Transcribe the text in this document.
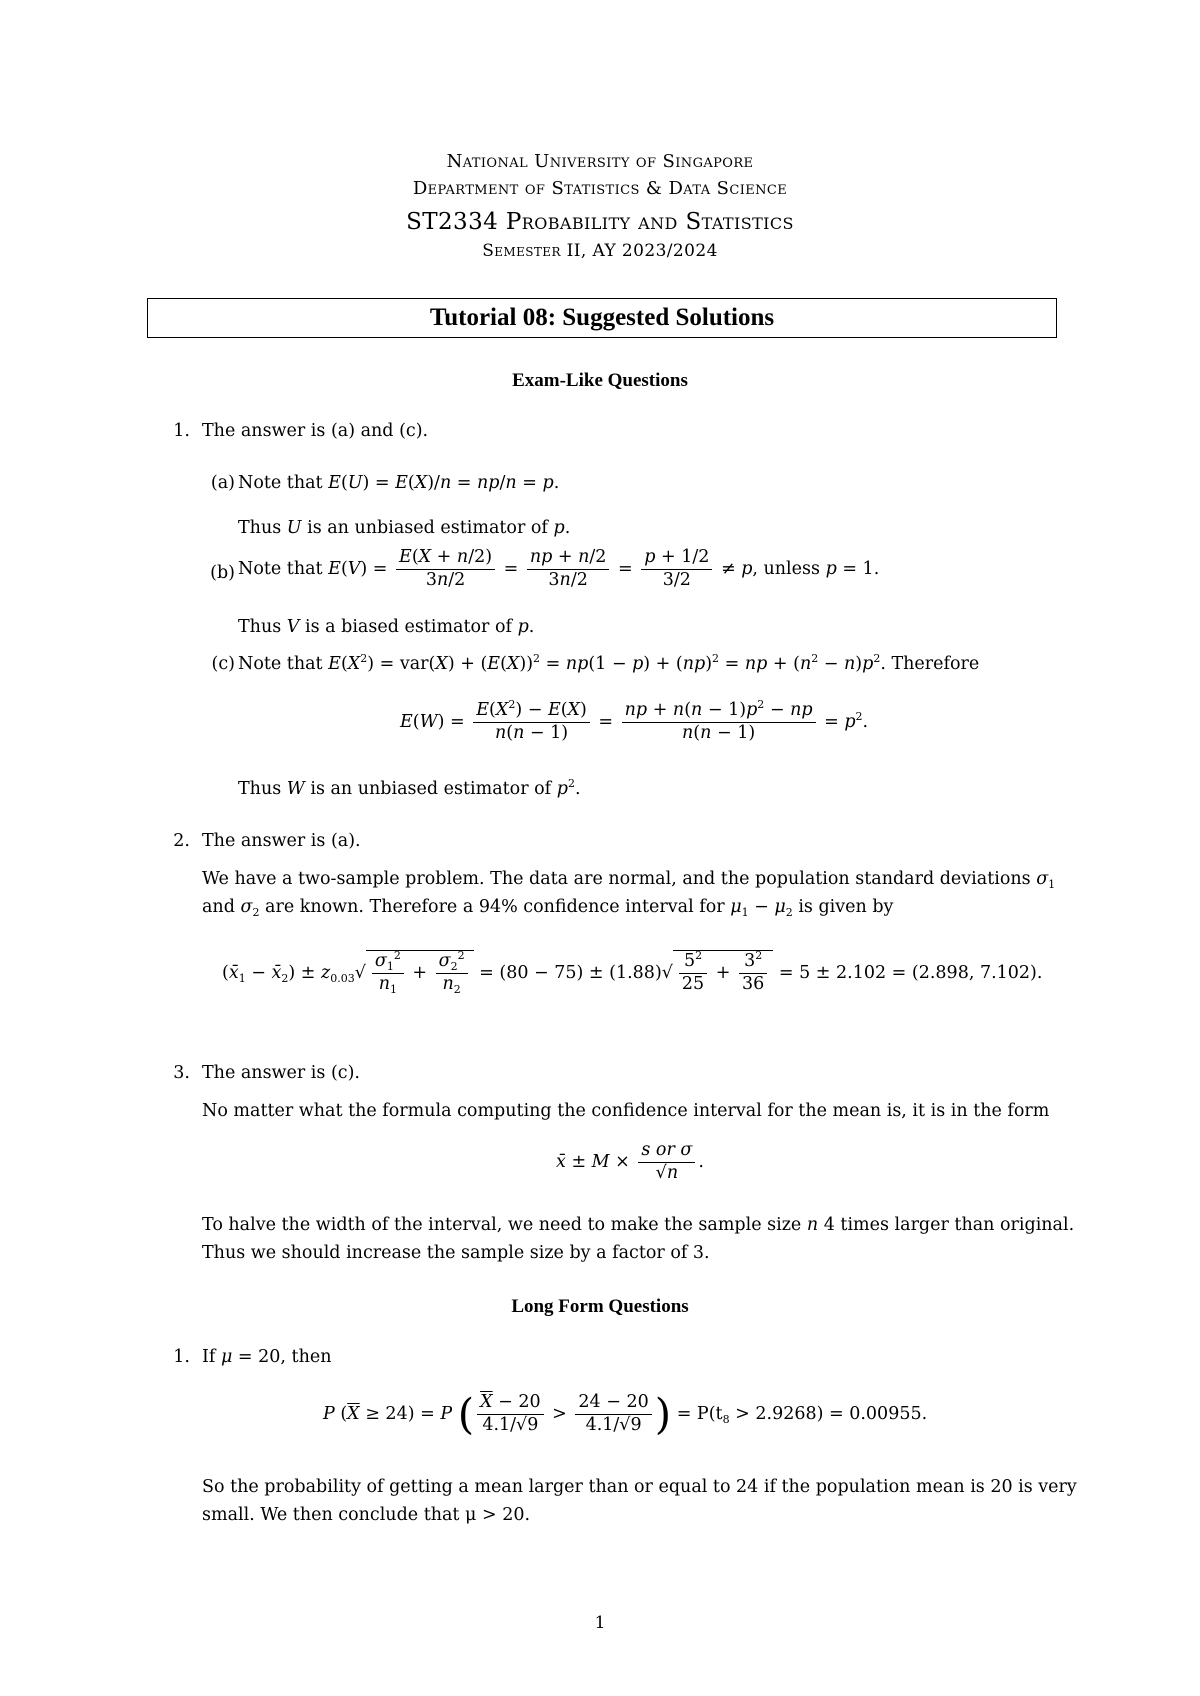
National University of Singapore
Department of Statistics & Data Science
ST2334 Probability and Statistics
Semester II, AY 2023/2024
Tutorial 08: Suggested Solutions
Exam-Like Questions
1. The answer is (a) and (c).
(a) Note that E(U) = E(X)/n = np/n = p.
Thus U is an unbiased estimator of p.
(b) Note that $E(V) = \frac{E(X + n/2)}{3n/2} = \frac{np + n/2}{3n/2} = \frac{p + 1/2}{3/2} \ne p$, unless p = 1.
Thus V is a biased estimator of p.
(c) Note that $E(X^2) = var(X) + (E(X))^2 = np(1 - p) + (np)^2$ = np + $(n^2 - n)p^2$. Therefore
$E(W) = \frac{E(X^2) - E(X)}{n(n - 1)} = \frac{np + n(n - 1)p^2 - np}{n(n - 1)} = p^2$.
Thus W is an unbiased estimator of $p^2$.
2. The answer is (a).
We have a two-sample problem. The data are normal, and the population standard deviations $\sigma_1$
and $\sigma_2$ are known. Therefore a 94% confidence interval for $\mu_1 - \mu_2$ is given by
($x̄_1$ − $x̄_2) \pm z_{0.03}√ \frac{\sigma_1^2}{n_1} + \frac{\sigma_2^2}{n_2} = (80 - 75) \pm (1.88)√ \frac{5^2}{25} + \frac{3^2}{36} = 5 \pm 2.102 = (2.898$, 7.102).
3. The answer is (c).
No matter what the formula computing the confidence interval for the mean is, it is in the form
x̄ ± $M \times \frac{\text{s or σ}}{√n}$ .
To halve the width of the interval, we need to make the sample size n 4 times larger than original.
Thus we should increase the sample size by a factor of 3.
Long Form Questions
1. If μ = 20, then
P $(\overline{X} \ge 24) = P$ ( $\frac{\overline{X} - 20}{4.1/√9} > \frac{24 - 20}{4.1/√9}$ ) = $P(t_8 > 2.9268) = 0.00955$.
So the probability of getting a mean larger than or equal to 24 if the population mean is 20 is very
small. We then conclude that μ > 20.
1
